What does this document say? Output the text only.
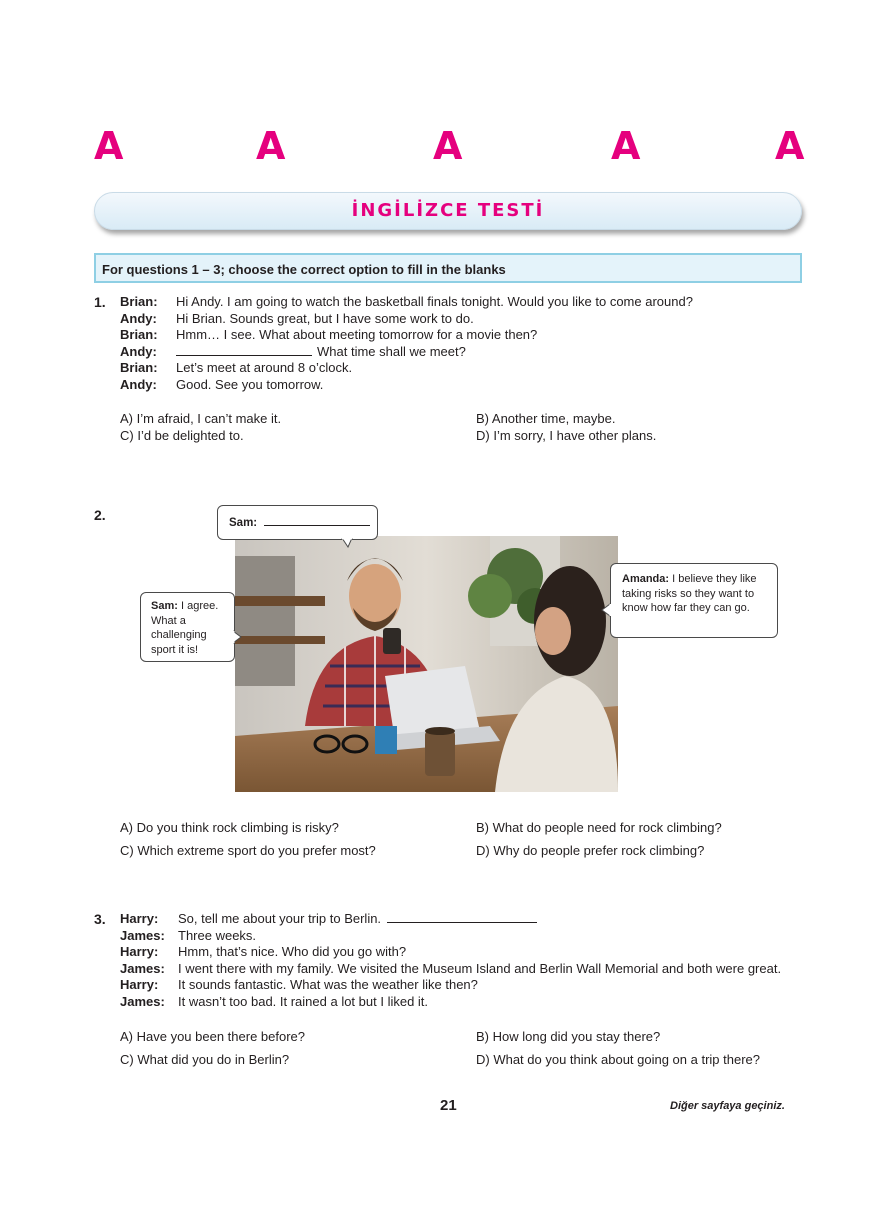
A	A	A	A	A
İNGİLİZCE TESTİ
For questions 1 – 3; choose the correct option to fill in the blanks
1. Brian: Hi Andy. I am going to watch the basketball finals tonight. Would you like to come around?
Andy: Hi Brian. Sounds great, but I have some work to do.
Brian: Hmm… I see. What about meeting tomorrow for a movie then?
Andy:	What time shall we meet?
Brian: Let’s meet at around 8 o’clock.
Andy: Good. See you tomorrow.
A) I’m afraid, I can’t make it.	B) Another time, maybe.
C) I’d be delighted to.	D) I’m sorry, I have other plans.
2.	Sam:
Sam: I agree. What a challenging sport it is!
Amanda: I believe they like taking risks so they want to know how far they can go.
A) Do you think rock climbing is risky?	B) What do people need for rock climbing?
C) Which extreme sport do you prefer most?	D) Why do people prefer rock climbing?
3. Harry: So, tell me about your trip to Berlin.
James: Three weeks.
Harry: Hmm, that’s nice. Who did you go with?
James: I went there with my family. We visited the Museum Island and Berlin Wall Memorial and both were great.
Harry: It sounds fantastic. What was the weather like then?
James: It wasn’t too bad. It rained a lot but I liked it.
A) Have you been there before?	B) How long did you stay there?
C) What did you do in Berlin?	D) What do you think about going on a trip there?
21	Diğer sayfaya geçiniz.
